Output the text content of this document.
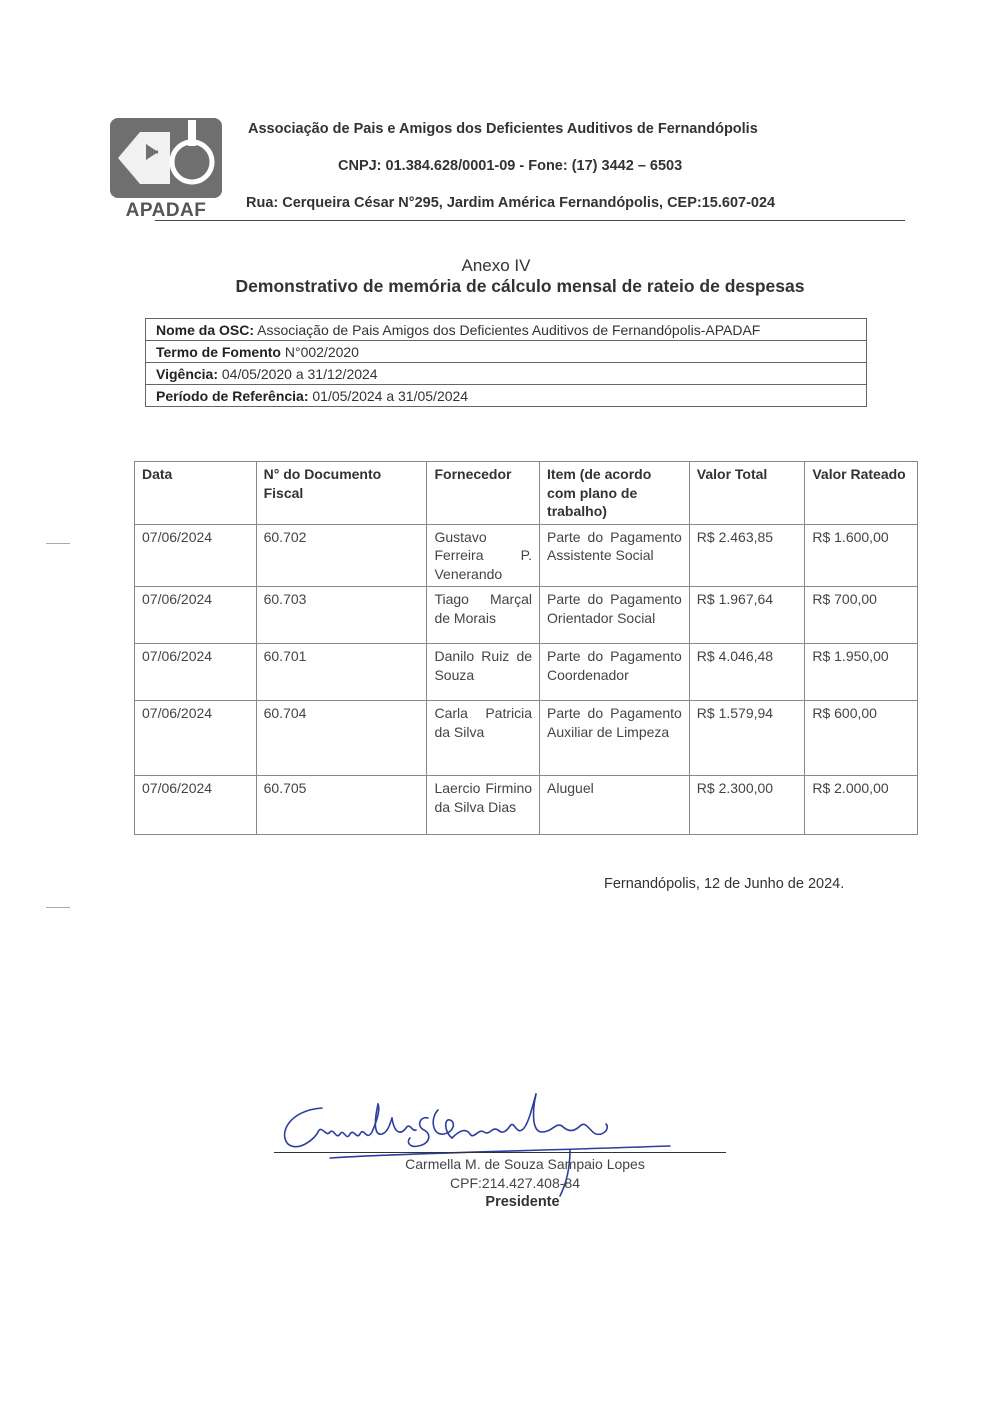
APADAF
Associação de Pais e Amigos dos Deficientes Auditivos de Fernandópolis
CNPJ: 01.384.628/0001-09 - Fone: (17) 3442 – 6503
Rua: Cerqueira César N°295, Jardim América Fernandópolis, CEP:15.607-024
Anexo IV
Demonstrativo de memória de cálculo mensal de rateio de despesas
Nome da OSC: Associação de Pais Amigos dos Deficientes Auditivos de Fernandópolis-APADAF
Termo de Fomento N°002/2020
Vigência: 04/05/2020 a 31/12/2024
Período de Referência: 01/05/2024 a 31/05/2024
Data	N° do Documento Fiscal	Fornecedor	Item (de acordo com plano de trabalho)	Valor Total	Valor Rateado
07/06/2024	60.702	Gustavo Ferreira P. Venerando	Parte do Pagamento Assistente Social	R$ 2.463,85	R$ 1.600,00
07/06/2024	60.703	Tiago Marçal de Morais	Parte do Pagamento Orientador Social	R$ 1.967,64	R$ 700,00
07/06/2024	60.701	Danilo Ruiz de Souza	Parte do Pagamento Coordenador	R$ 4.046,48	R$ 1.950,00
07/06/2024	60.704	Carla Patricia da Silva	Parte do Pagamento Auxiliar de Limpeza	R$ 1.579,94	R$ 600,00
07/06/2024	60.705	Laercio Firmino da Silva Dias	Aluguel	R$ 2.300,00	R$ 2.000,00
Fernandópolis, 12 de Junho de 2024.
Carmella M. de Souza Sampaio Lopes
CPF:214.427.408-84
Presidente
